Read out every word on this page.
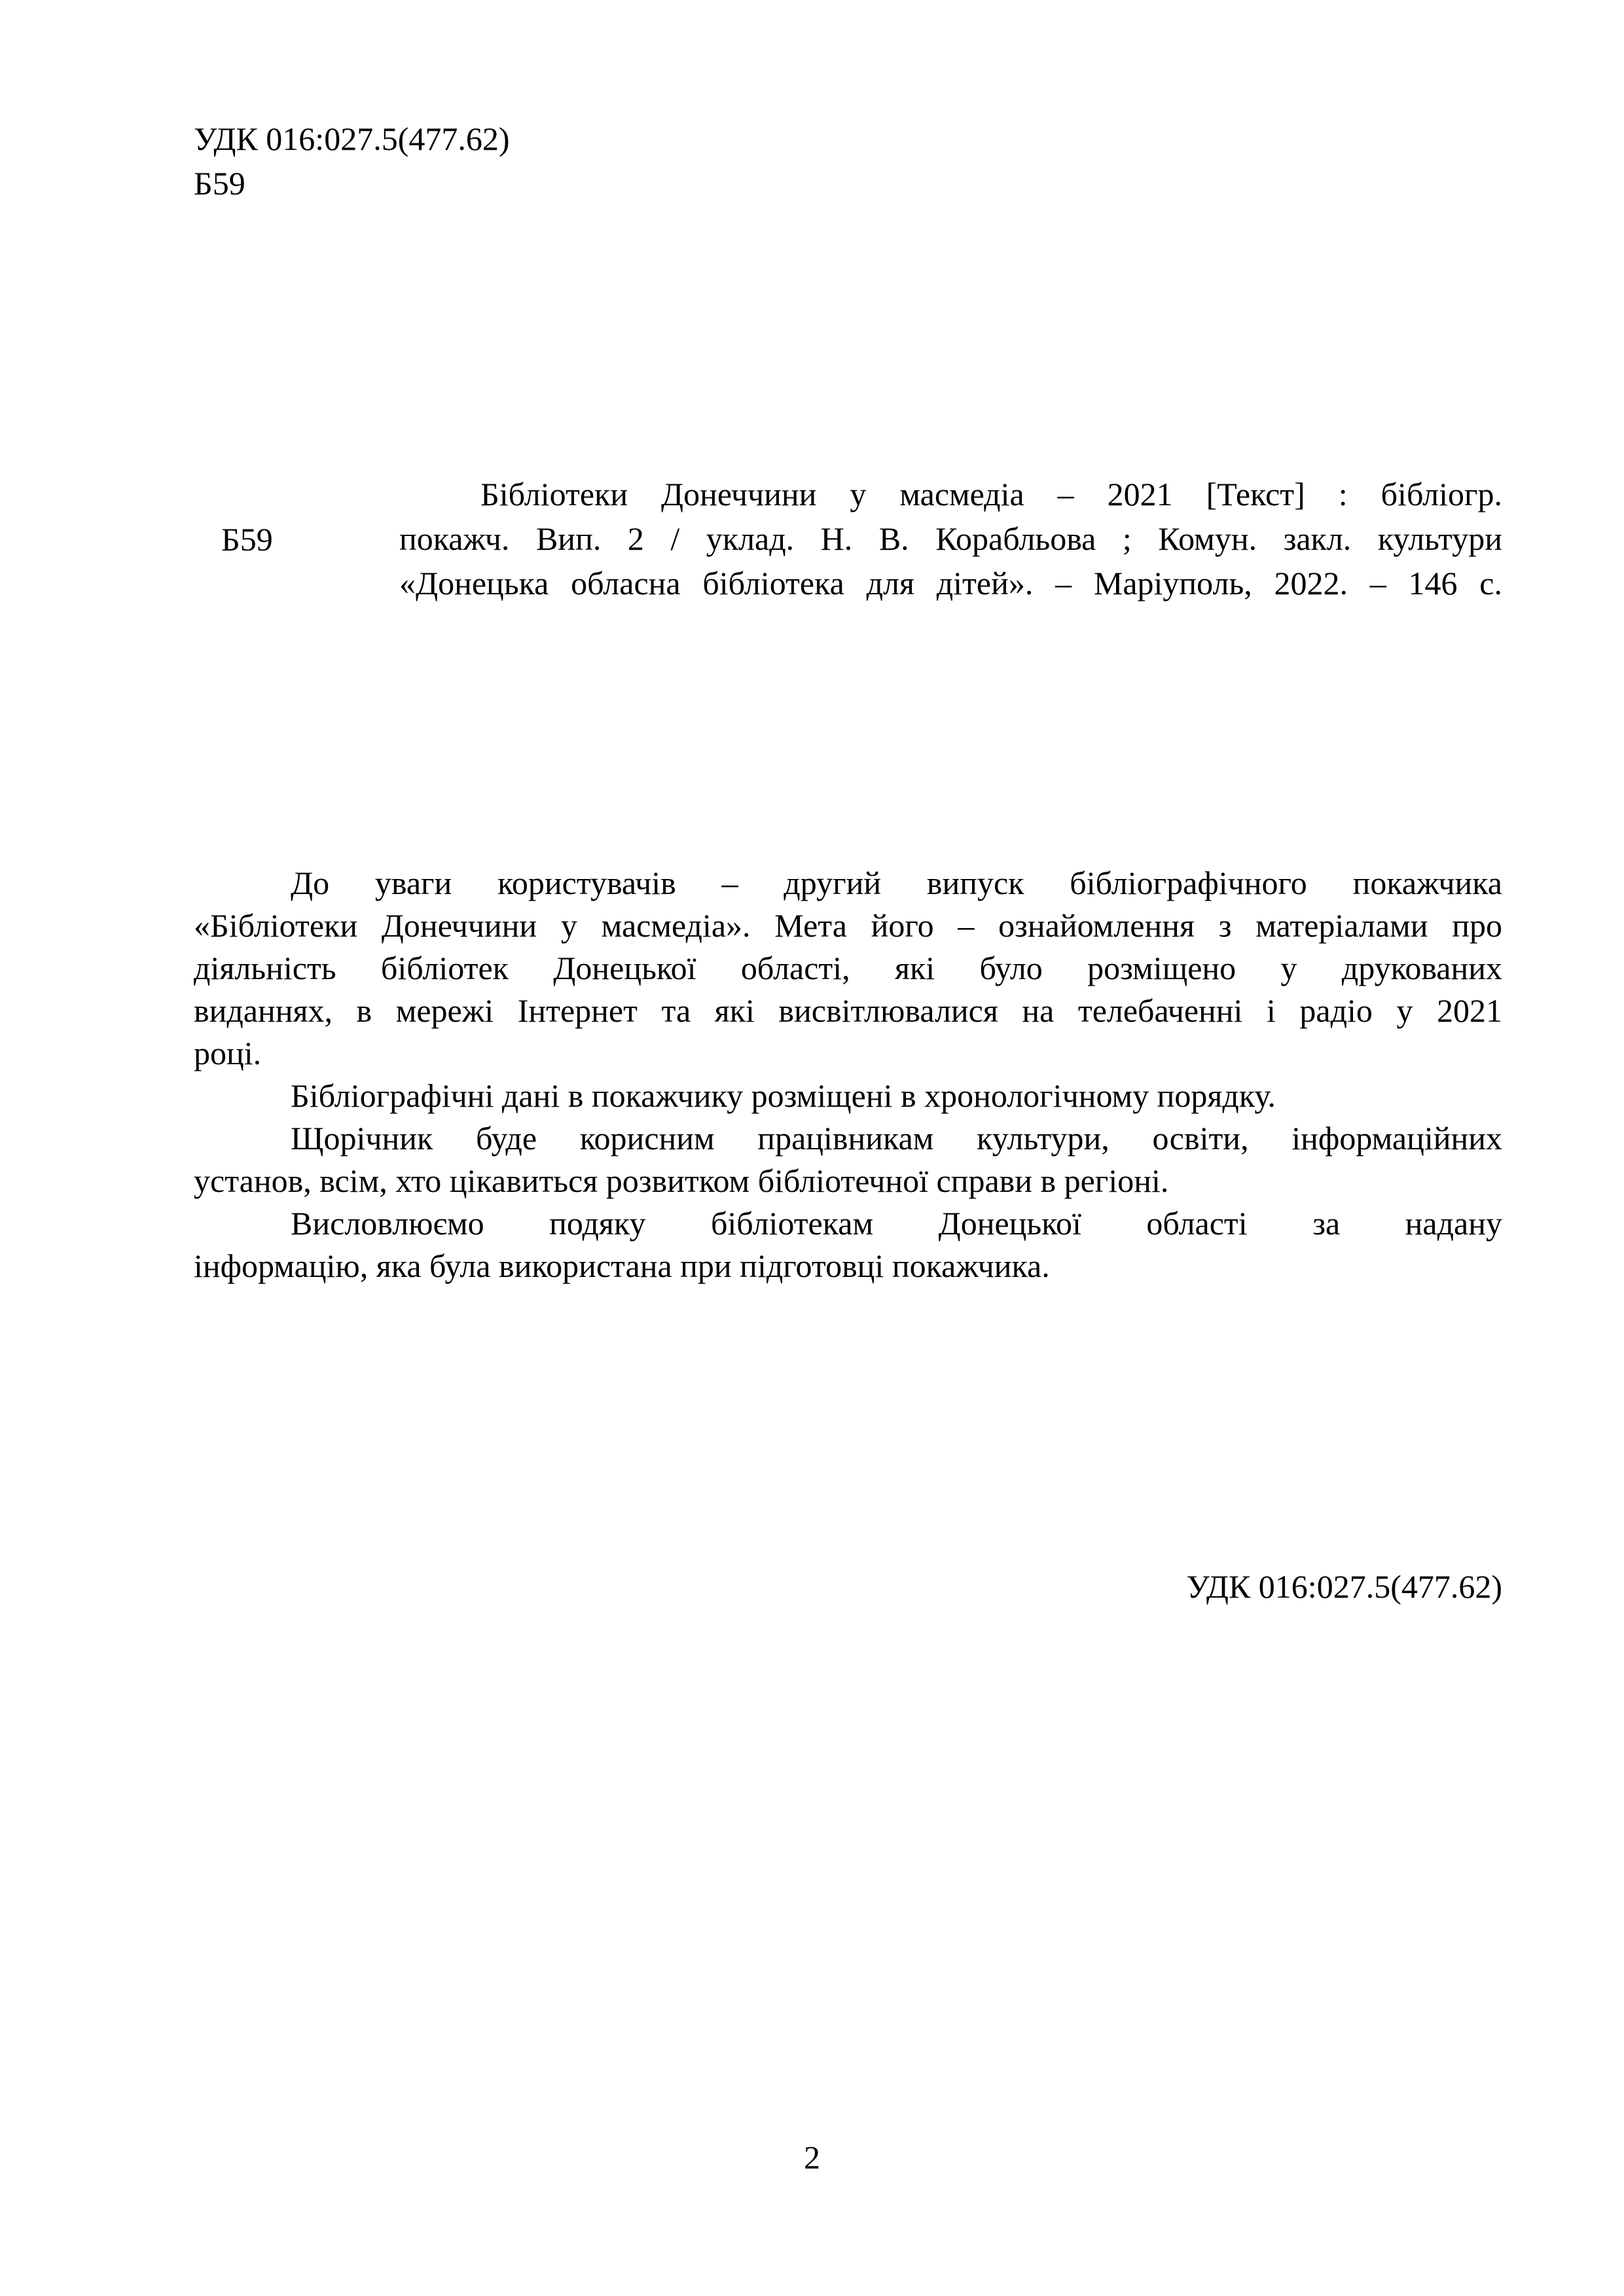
УДК 016:027.5(477.62)
Б59
Б59
Бібліотеки Донеччини у масмедіа – 2021 [Текст] : бібліогр.
покажч. Вип. 2 / уклад. Н. В. Корабльова ; Комун. закл. культури
«Донецька обласна бібліотека для дітей». – Маріуполь, 2022. – 146 с.
До уваги користувачів – другий випуск бібліографічного покажчика
«Бібліотеки Донеччини у масмедіа». Мета його – ознайомлення з матеріалами про
діяльність бібліотек Донецької області, які було розміщено у друкованих
виданнях, в мережі Інтернет та які висвітлювалися на телебаченні і радіо у 2021
році.
Бібліографічні дані в покажчику розміщені в хронологічному порядку.
Щорічник буде корисним працівникам культури, освіти, інформаційних
установ, всім, хто цікавиться розвитком бібліотечної справи в регіоні.
Висловлюємо подяку бібліотекам Донецької області за надану
інформацію, яка була використана при підготовці покажчика.
УДК 016:027.5(477.62)
2
